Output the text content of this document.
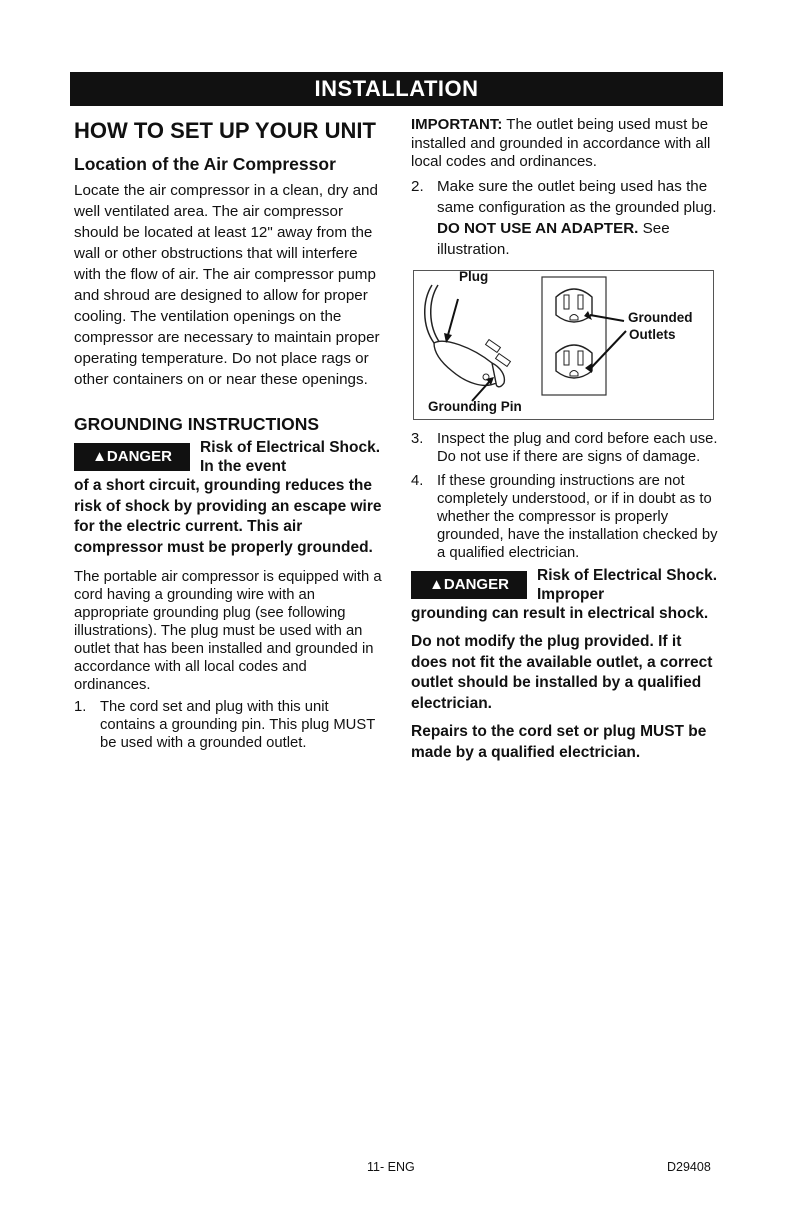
INSTALLATION

HOW TO SET UP YOUR UNIT

Location of the Air Compressor

Locate the air compressor in a clean, dry and well ventilated area. The air compressor should be located at least 12" away from the wall or other obstructions that will interfere with the flow of air. The air compressor pump and shroud are designed to allow for proper cooling. The ventilation openings on the compressor are necessary to maintain proper operating temperature. Do not place rags or other containers on or near these openings.

GROUNDING INSTRUCTIONS

▲DANGER
Risk of Electrical Shock. In the event

of a short circuit, grounding reduces the risk of shock by providing an escape wire for the electric current. This air compressor must be properly grounded.

The portable air compressor is equipped with a cord having a grounding wire with an appropriate grounding plug (see following illustrations). The plug must be used with an outlet that has been installed and grounded in accordance with all local codes and ordinances.

1. The cord set and plug with this unit contains a grounding pin. This plug MUST be used with a grounded outlet.

IMPORTANT: The outlet being used must be installed and grounded in accordance with all local codes and ordinances.

2. Make sure the outlet being used has the same configuration as the grounded plug. DO NOT USE AN ADAPTER. See illustration.
Plug
Grounded
Outlets
Grounding Pin
3. Inspect the plug and cord before each use. Do not use if there are signs of damage.
4. If these grounding instructions are not completely understood, or if in doubt as to whether the compressor is properly grounded, have the installation checked by a qualified electrician.
▲DANGER
Risk of Electrical Shock. Improper

grounding can result in electrical shock.

Do not modify the plug provided. If it does not fit the available outlet, a correct outlet should be installed by a qualified electrician.

Repairs to the cord set or plug MUST be made by a qualified electrician.

11- ENG	D29408
